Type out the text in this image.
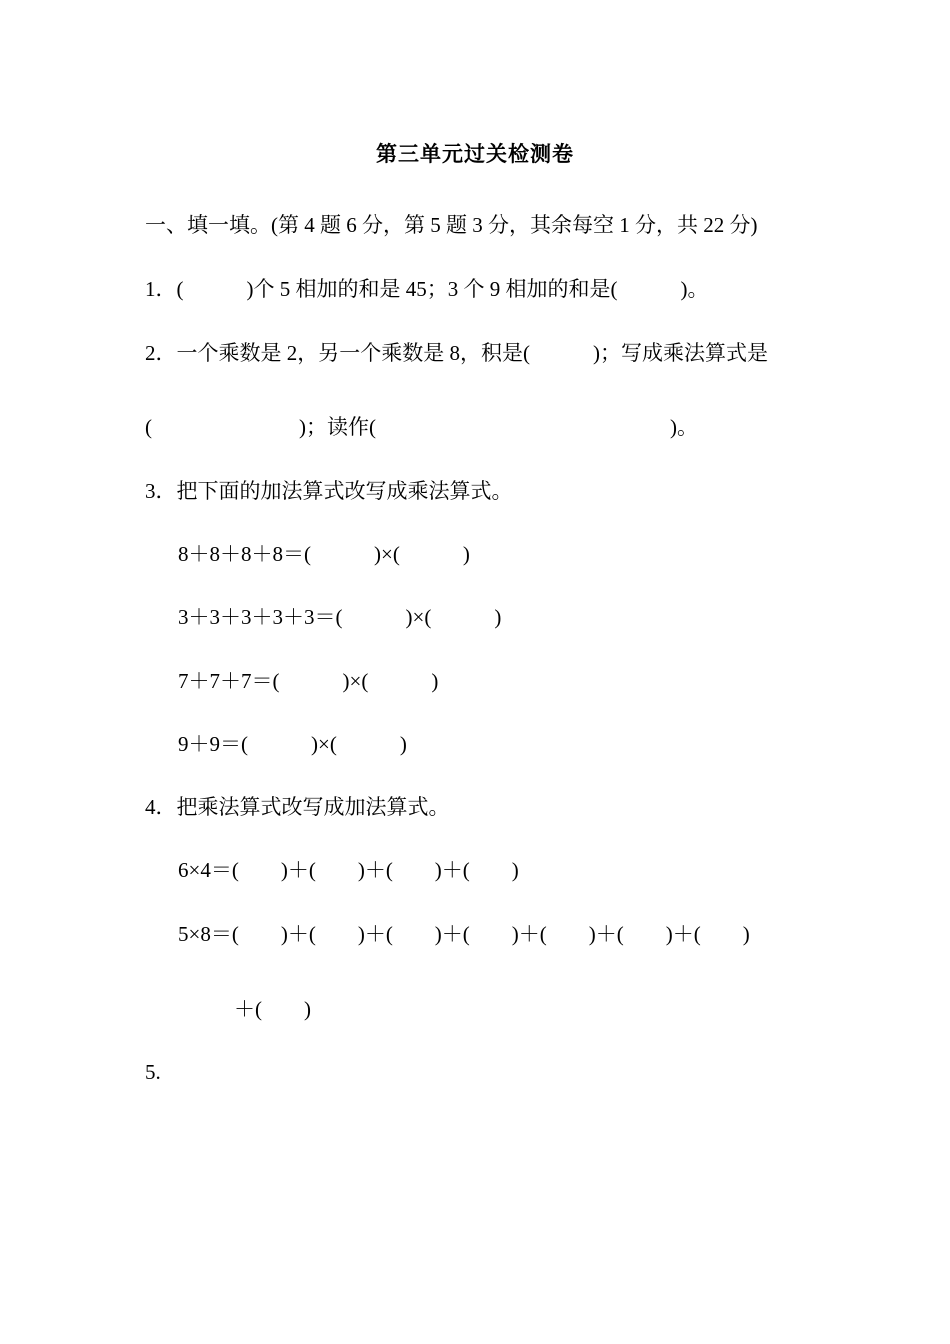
第三单元过关检测卷
一、填一填。(第 4 题 6 分，第 5 题 3 分，其余每空 1 分，共 22 分)
1．(　　　)个 5 相加的和是 45；3 个 9 相加的和是(　　　)。
2．一个乘数是 2，另一个乘数是 8，积是(　　　)；写成乘法算式是
(　　　　　　　)；读作(　　　　　　　　　　　　　　)。
3．把下面的加法算式改写成乘法算式。
8＋8＋8＋8＝(　　　)×(　　　)
3＋3＋3＋3＋3＝(　　　)×(　　　)
7＋7＋7＝(　　　)×(　　　)
9＋9＝(　　　)×(　　　)
4．把乘法算式改写成加法算式。
6×4＝(　　)＋(　　)＋(　　)＋(　　)
5×8＝(　　)＋(　　)＋(　　)＋(　　)＋(　　)＋(　　)＋(　　)
＋(　　)
5.
